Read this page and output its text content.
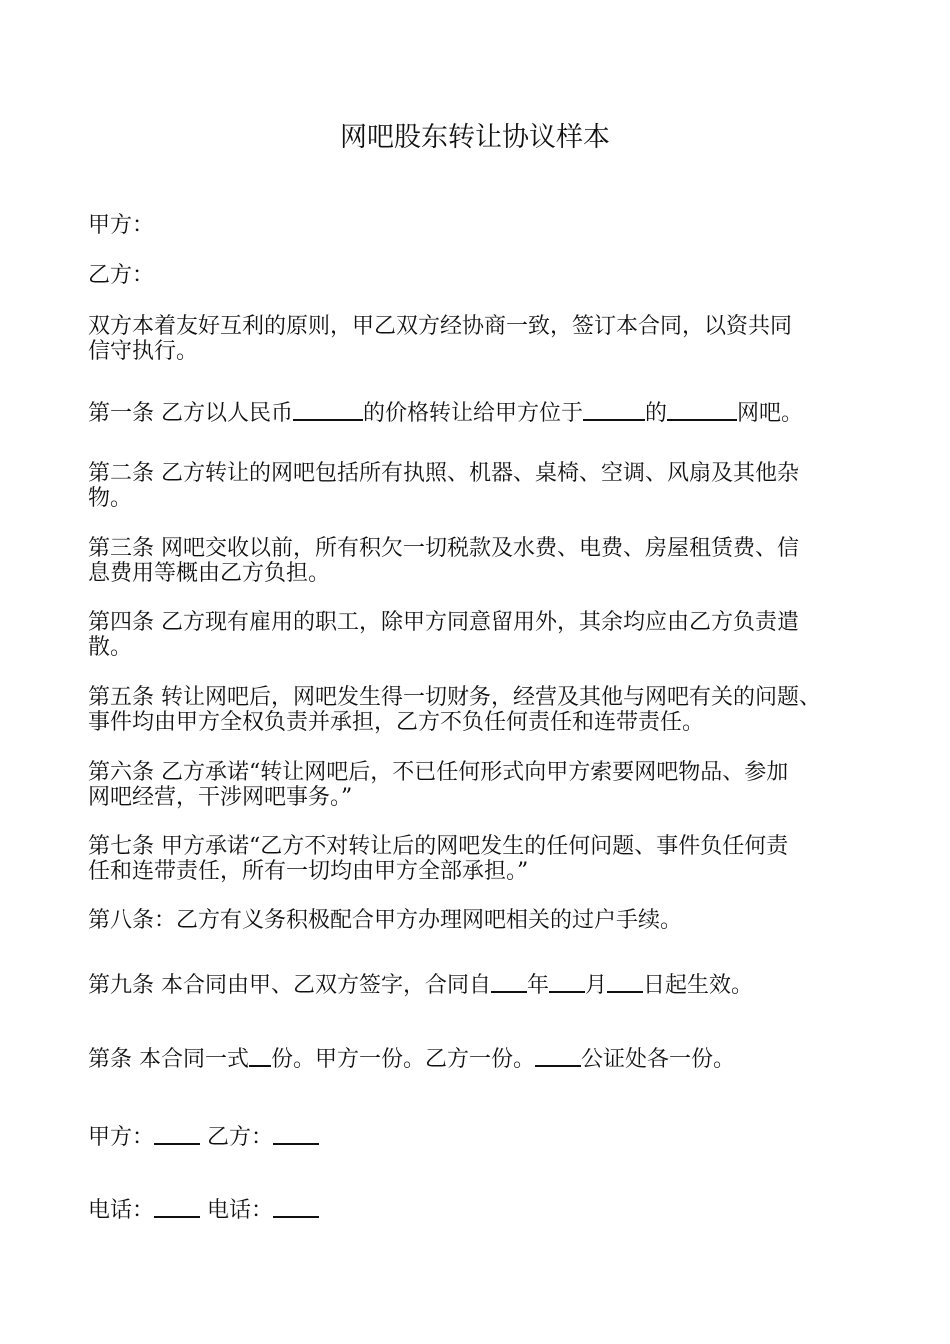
网吧股东转让协议样本

甲方：

乙方：

双方本着友好互利的原则，甲乙双方经协商一致，签订本合同，以资共同
信守执行。

第一条 乙方以人民币	的价格转让给甲方位于	的	网吧。

第二条 乙方转让的网吧包括所有执照、机器、桌椅、空调、风扇及其他杂
物。

第三条 网吧交收以前，所有积欠一切税款及水费、电费、房屋租赁费、信
息费用等概由乙方负担。

第四条 乙方现有雇用的职工，除甲方同意留用外，其余均应由乙方负责遣
散。

第五条 转让网吧后，网吧发生得一切财务，经营及其他与网吧有关的问题、
事件均由甲方全权负责并承担，乙方不负任何责任和连带责任。

第六条 乙方承诺“转让网吧后，不已任何形式向甲方索要网吧物品、参加
网吧经营，干涉网吧事务。”

第七条 甲方承诺“乙方不对转让后的网吧发生的任何问题、事件负任何责
任和连带责任，所有一切均由甲方全部承担。”

第八条：乙方有义务积极配合甲方办理网吧相关的过户手续。

第九条 本合同由甲、乙双方签字，合同自 年 月 日起生效。

第条 本合同一式 份。甲方一份。乙方一份。 公证处各一份。

甲方： 乙方：

电话： 电话：
